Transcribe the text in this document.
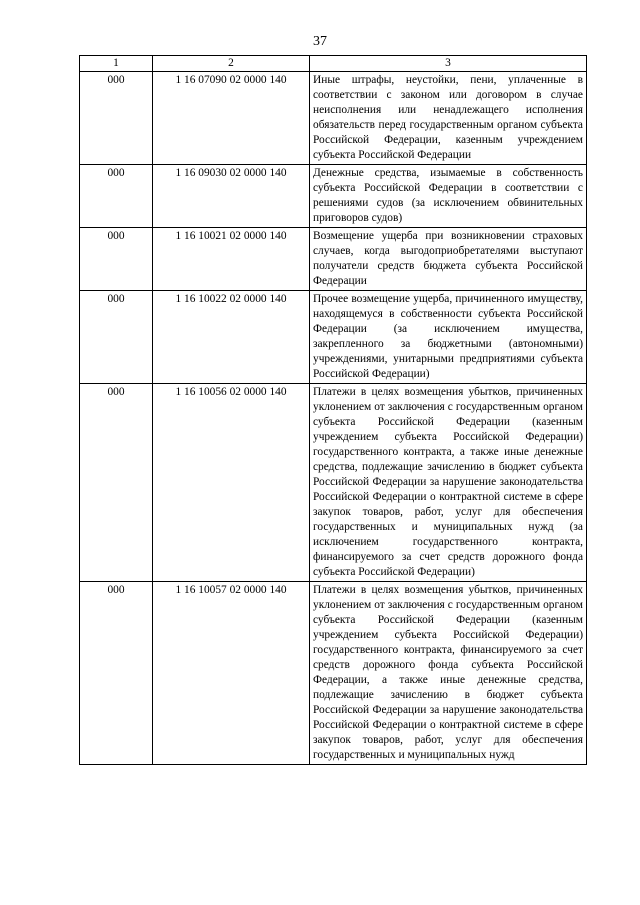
37
1	2	3
000	1 16 07090 02 0000 140	Иные штрафы, неустойки, пени, уплаченные в соответствии с законом или договором в случае неисполнения или ненадлежащего исполнения обязательств перед государственным органом субъекта Российской Федерации, казенным учреждением субъекта Российской Федерации
000	1 16 09030 02 0000 140	Денежные средства, изымаемые в собственность субъекта Российской Федерации в соответствии с решениями судов (за исключением обвинительных приговоров судов)
000	1 16 10021 02 0000 140	Возмещение ущерба при возникновении страховых случаев, когда выгодоприобретателями выступают получатели средств бюджета субъекта Российской Федерации
000	1 16 10022 02 0000 140	Прочее возмещение ущерба, причиненного имуществу, находящемуся в собственности субъекта Российской Федерации (за исключением имущества, закрепленного за бюджетными (автономными) учреждениями, унитарными предприятиями субъекта Российской Федерации)
000	1 16 10056 02 0000 140	Платежи в целях возмещения убытков, причиненных уклонением от заключения с государственным органом субъекта Российской Федерации (казенным учреждением субъекта Российской Федерации) государственного контракта, а также иные денежные средства, подлежащие зачислению в бюджет субъекта Российской Федерации за нарушение законодательства Российской Федерации о контрактной системе в сфере закупок товаров, работ, услуг для обеспечения государственных и муниципальных нужд (за исключением государственного контракта, финансируемого за счет средств дорожного фонда субъекта Российской Федерации)
000	1 16 10057 02 0000 140	Платежи в целях возмещения убытков, причиненных уклонением от заключения с государственным органом субъекта Российской Федерации (казенным учреждением субъекта Российской Федерации) государственного контракта, финансируемого за счет средств дорожного фонда субъекта Российской Федерации, а также иные денежные средства, подлежащие зачислению в бюджет субъекта Российской Федерации за нарушение законодательства Российской Федерации о контрактной системе в сфере закупок товаров, работ, услуг для обеспечения государственных и муниципальных нужд
